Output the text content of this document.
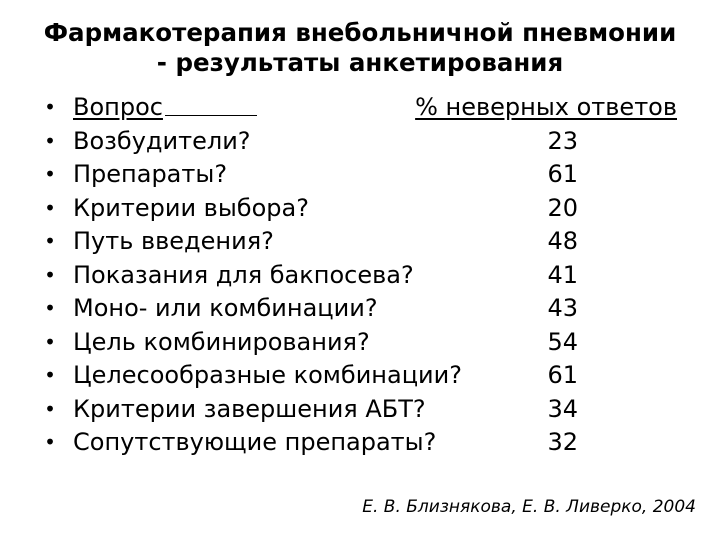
Фармакотерапия внебольничной пневмонии
- результаты анкетирования
• Вопрос	% неверных ответов
• Возбудители?	23
• Препараты?	61
• Критерии выбора?	20
• Путь введения?	48
• Показания для бакпосева?	41
• Моно- или комбинации?	43
• Цель комбинирования?	54
• Целесообразные комбинации?	61
• Критерии завершения АБТ?	34
• Сопутствующие препараты?	32
Е. В. Близнякова, Е. В. Ливерко, 2004
